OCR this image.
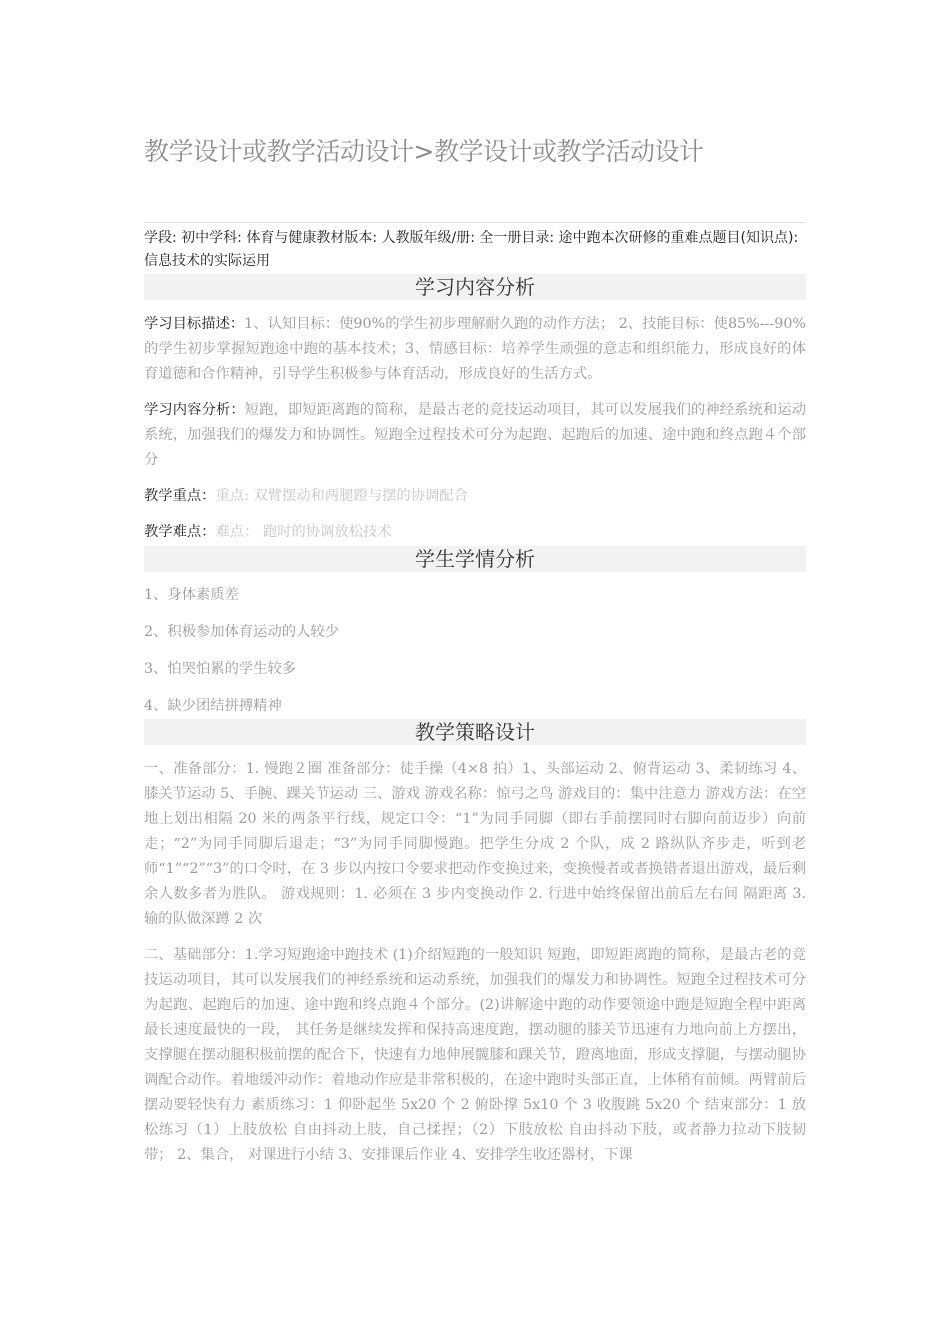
教学设计或教学活动设计>教学设计或教学活动设计

学段: 初中学科: 体育与健康教材版本: 人教版年级/册: 全一册目录: 途中跑本次研修的重难点题目(知识点): 信息技术的实际运用

学习内容分析

学习目标描述：1、认知目标：使90%的学生初步理解耐久跑的动作方法； 2、技能目标：使85%---90%的学生初步掌握短跑途中跑的基本技术；3、情感目标：培养学生顽强的意志和组织能力，形成良好的体育道德和合作精神，引导学生积极参与体育活动，形成良好的生活方式。

学习内容分析：短跑，即短距离跑的简称，是最古老的竞技运动项目，其可以发展我们的神经系统和运动系统，加强我们的爆发力和协调性。短跑全过程技术可分为起跑、起跑后的加速、途中跑和终点跑４个部分

教学重点：重点: 双臂摆动和两腿蹬与摆的协调配合

教学难点：难点： 跑时的协调放松技术

学生学情分析

1、身体素质差

2、积极参加体育运动的人较少

3、怕哭怕累的学生较多

4、缺少团结拼搏精神

教学策略设计

一、准备部分：1. 慢跑２圈 准备部分：徒手操（4×8 拍）1、头部运动 2、俯背运动 3、柔韧练习 4、膝关节运动 5、手腕、踝关节运动 三、游戏 游戏名称：惊弓之鸟 游戏目的：集中注意力 游戏方法：在空地上划出相隔 20 米的两条平行线，规定口令：“1”为同手同脚（即右手前摆同时右脚向前迈步）向前走；“2”为同手同脚后退走；“3”为同手同脚慢跑。把学生分成 2 个队，成 2 路纵队齐步走，听到老师“1”“2”“3”的口令时，在 3 步以内按口令要求把动作变换过来，变换慢者或者换错者退出游戏，最后剩余人数多者为胜队。 游戏规则：1. 必须在 3 步内变换动作 2. 行进中始终保留出前后左右间 隔距离 3. 输的队做深蹲 2 次

二、基础部分：1.学习短跑途中跑技术 (1)介绍短跑的一般知识 短跑，即短距离跑的简称，是最古老的竞技运动项目，其可以发展我们的神经系统和运动系统，加强我们的爆发力和协调性。短跑全过程技术可分为起跑、起跑后的加速、途中跑和终点跑４个部分。(2)讲解途中跑的动作要领途中跑是短跑全程中距离最长速度最快的一段， 其任务是继续发挥和保持高速度跑，摆动腿的膝关节迅速有力地向前上方摆出，支撑腿在摆动腿积极前摆的配合下，快速有力地伸展髋膝和踝关节，蹬离地面，形成支撑腿，与摆动腿协调配合动作。着地缓冲动作：着地动作应是非常积极的，在途中跑时头部正直，上体稍有前倾。两臂前后摆动要轻快有力 素质练习：1 仰卧起坐 5x20 个 2 俯卧撑 5x10 个 3 收腹跳 5x20 个 结束部分：1 放松练习（1）上肢放松 自由抖动上肢，自己揉捏；（2）下肢放松 自由抖动下肢，或者静力拉动下肢韧带； 2、集合， 对课进行小结 3、安排课后作业 4、安排学生收还器材，下课
